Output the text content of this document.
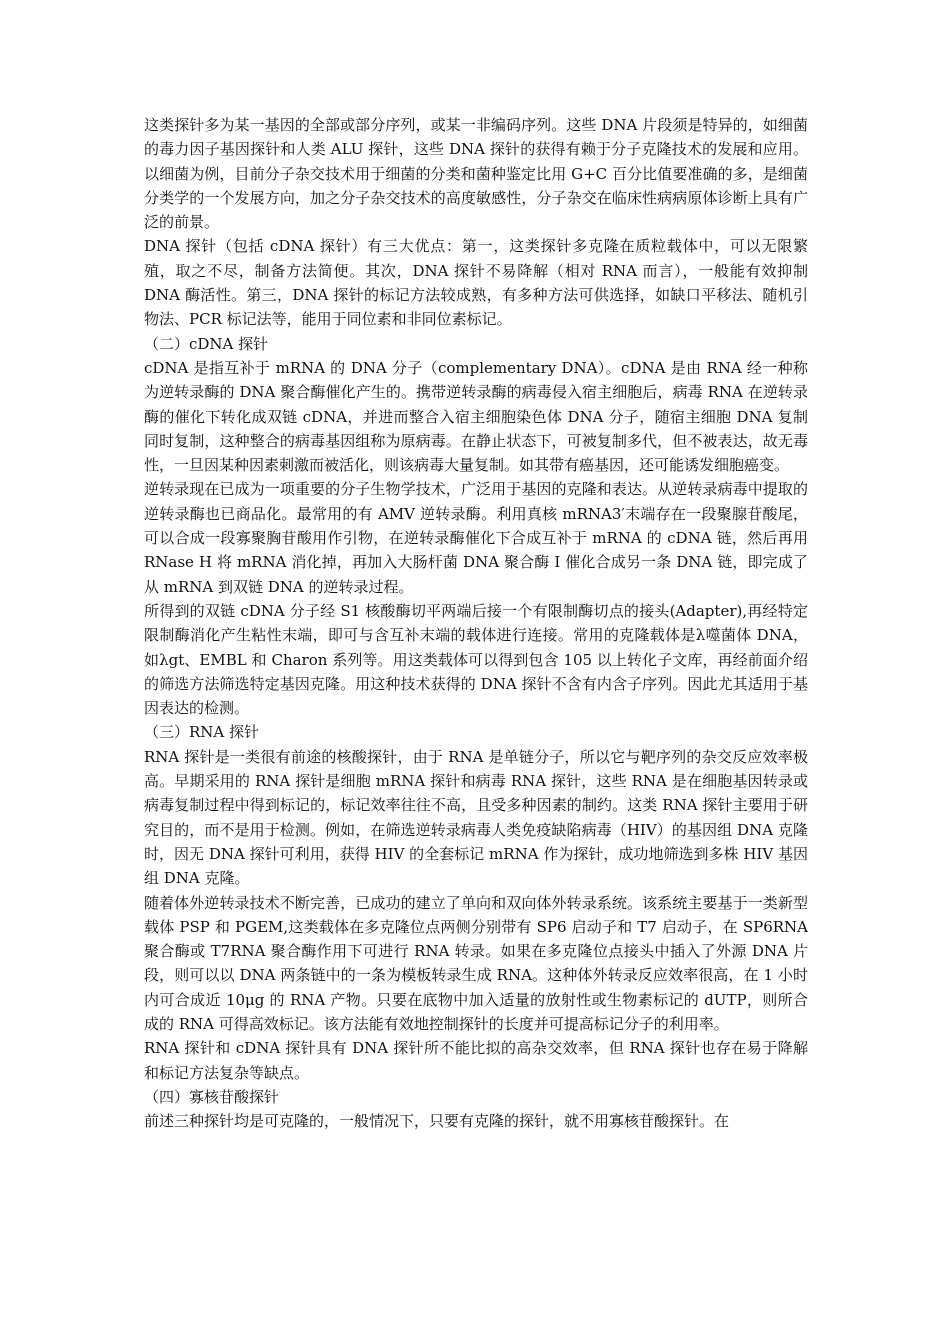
这类探针多为某一基因的全部或部分序列，或某一非编码序列。这些 DNA 片段须是特异的，如细菌的毒力因子基因探针和人类 ALU 探针，这些 DNA 探针的获得有赖于分子克隆技术的发展和应用。以细菌为例，目前分子杂交技术用于细菌的分类和菌种鉴定比用 G+C 百分比值要准确的多，是细菌分类学的一个发展方向，加之分子杂交技术的高度敏感性，分子杂交在临床性病病原体诊断上具有广泛的前景。

DNA 探针（包括 cDNA 探针）有三大优点：第一，这类探针多克隆在质粒载体中，可以无限繁殖，取之不尽，制备方法简便。其次，DNA 探针不易降解（相对 RNA 而言），一般能有效抑制 DNA 酶活性。第三，DNA 探针的标记方法较成熟，有多种方法可供选择，如缺口平移法、随机引物法、PCR 标记法等，能用于同位素和非同位素标记。

（二）cDNA 探针

cDNA 是指互补于 mRNA 的 DNA 分子（complementary DNA）。cDNA 是由 RNA 经一种称为逆转录酶的 DNA 聚合酶催化产生的。携带逆转录酶的病毒侵入宿主细胞后，病毒 RNA 在逆转录酶的催化下转化成双链 cDNA，并进而整合入宿主细胞染色体 DNA 分子，随宿主细胞 DNA 复制同时复制，这种整合的病毒基因组称为原病毒。在静止状态下，可被复制多代，但不被表达，故无毒性，一旦因某种因素刺激而被活化，则该病毒大量复制。如其带有癌基因，还可能诱发细胞癌变。

逆转录现在已成为一项重要的分子生物学技术，广泛用于基因的克隆和表达。从逆转录病毒中提取的逆转录酶也已商品化。最常用的有 AMV 逆转录酶。利用真核 mRNA3′末端存在一段聚腺苷酸尾，可以合成一段寡聚胸苷酸用作引物，在逆转录酶催化下合成互补于 mRNA 的 cDNA 链，然后再用 RNase H 将 mRNA 消化掉，再加入大肠杆菌 DNA 聚合酶 I 催化合成另一条 DNA 链，即完成了从 mRNA 到双链 DNA 的逆转录过程。

所得到的双链 cDNA 分子经 S1 核酸酶切平两端后接一个有限制酶切点的接头(Adapter),再经特定限制酶消化产生粘性末端，即可与含互补末端的载体进行连接。常用的克隆载体是λ噬菌体 DNA，如λgt、EMBL 和 Charon 系列等。用这类载体可以得到包含 105 以上转化子文库，再经前面介绍的筛选方法筛选特定基因克隆。用这种技术获得的 DNA 探针不含有内含子序列。因此尤其适用于基因表达的检测。

（三）RNA 探针

RNA 探针是一类很有前途的核酸探针，由于 RNA 是单链分子，所以它与靶序列的杂交反应效率极高。早期采用的 RNA 探针是细胞 mRNA 探针和病毒 RNA 探针，这些 RNA 是在细胞基因转录或病毒复制过程中得到标记的，标记效率往往不高，且受多种因素的制约。这类 RNA 探针主要用于研究目的，而不是用于检测。例如，在筛选逆转录病毒人类免疫缺陷病毒（HIV）的基因组 DNA 克隆时，因无 DNA 探针可利用，获得 HIV 的全套标记 mRNA 作为探针，成功地筛选到多株 HIV 基因组 DNA 克隆。

随着体外逆转录技术不断完善，已成功的建立了单向和双向体外转录系统。该系统主要基于一类新型载体 PSP 和 PGEM,这类载体在多克隆位点两侧分别带有 SP6 启动子和 T7 启动子，在 SP6RNA 聚合酶或 T7RNA 聚合酶作用下可进行 RNA 转录。如果在多克隆位点接头中插入了外源 DNA 片段，则可以以 DNA 两条链中的一条为模板转录生成 RNA。这种体外转录反应效率很高，在 1 小时内可合成近 10μg 的 RNA 产物。只要在底物中加入适量的放射性或生物素标记的 dUTP，则所合成的 RNA 可得高效标记。该方法能有效地控制探针的长度并可提高标记分子的利用率。

RNA 探针和 cDNA 探针具有 DNA 探针所不能比拟的高杂交效率，但 RNA 探针也存在易于降解和标记方法复杂等缺点。

（四）寡核苷酸探针

前述三种探针均是可克隆的，一般情况下，只要有克隆的探针，就不用寡核苷酸探针。在
